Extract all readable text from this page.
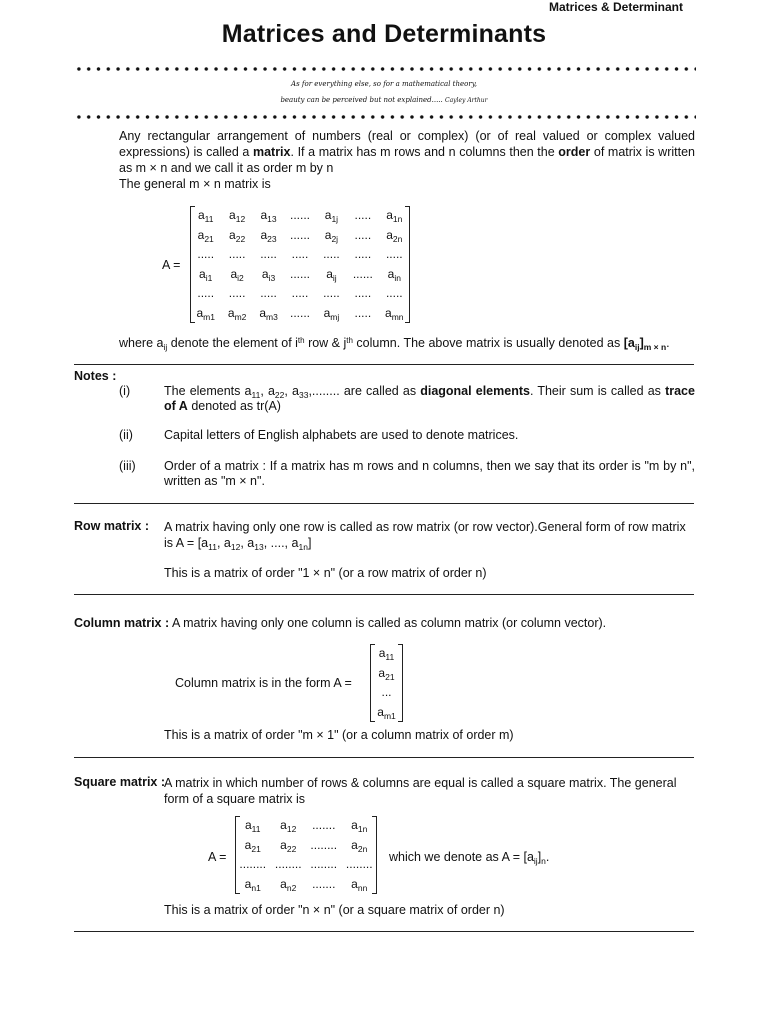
Matrices & Determinant
Matrices and Determinants
As for everything else, so for a mathematical theory,
beauty can be perceived but not explained..... Cayley Arthur
Any rectangular arrangement of numbers (real or complex) (or of real valued or complex valued expressions) is called a matrix. If a matrix has m rows and n columns then the order of matrix is written as m × n and we call it as order m by n
The general m × n matrix is
A =
$a_{11}$	$a_{12}$	$a_{13}$	......	$a_{1j}$	.....	$a_{1n}$
$a_{21}$	$a_{22}$	$a_{23}$	......	$a_{2j}$	.....	$a_{2n}$
.....	.....	.....	.....	.....	.....	.....
$a_{i1}$	$a_{i2}$	$a_{i3}$	......	$a_{ij}$	......	$a_{in}$
.....	.....	.....	.....	.....	.....	.....
$a_{m1}$	$a_{m2}$	$a_{m3}$	......	$a_{mj}$	.....	$a_{mn}$
where $a_{ij}$ denote the element of $i^{th}$ row & $j^{th}$ column. The above matrix is usually denoted as $[a_{ij}]_{m \times n}$.
Notes :
(i)	The elements $a_{11}$, $a_{22}$, $a_{33}$,........ are called as diagonal elements. Their sum is called as trace of A denoted as tr(A)
(ii) Capital letters of English alphabets are used to denote matrices.
(iii) Order of a matrix : If a matrix has m rows and n columns, then we say that its order is "m by n", written as "m × n".
Row matrix : A matrix having only one row is called as row matrix (or row vector).General form of row matrix is $A = [a_{11}$, $a_{12}$, $a_{13}$, ...., $a_{1n}$]
This is a matrix of order "1 × n" (or a row matrix of order n)
Column matrix : A matrix having only one column is called as column matrix (or column vector).
Column matrix is in the form A =
$a_{11}$
$a_{21}$
...
$a_{m1}$
This is a matrix of order "m × 1" (or a column matrix of order m)
Square matrix :
A matrix in which number of rows & columns are equal is called a square matrix. The general form of a square matrix is
A =
$a_{11}$	$a_{12}$	.......	$a_{1n}$
$a_{21}$	$a_{22}$	........	$a_{2n}$
........ ........ ........ ........
$a_{n1}$	$a_{n2}$	.......	$a_{nn}$
which we denote as $A = [a_{ij}]_n$.
This is a matrix of order "n × n" (or a square matrix of order n)
